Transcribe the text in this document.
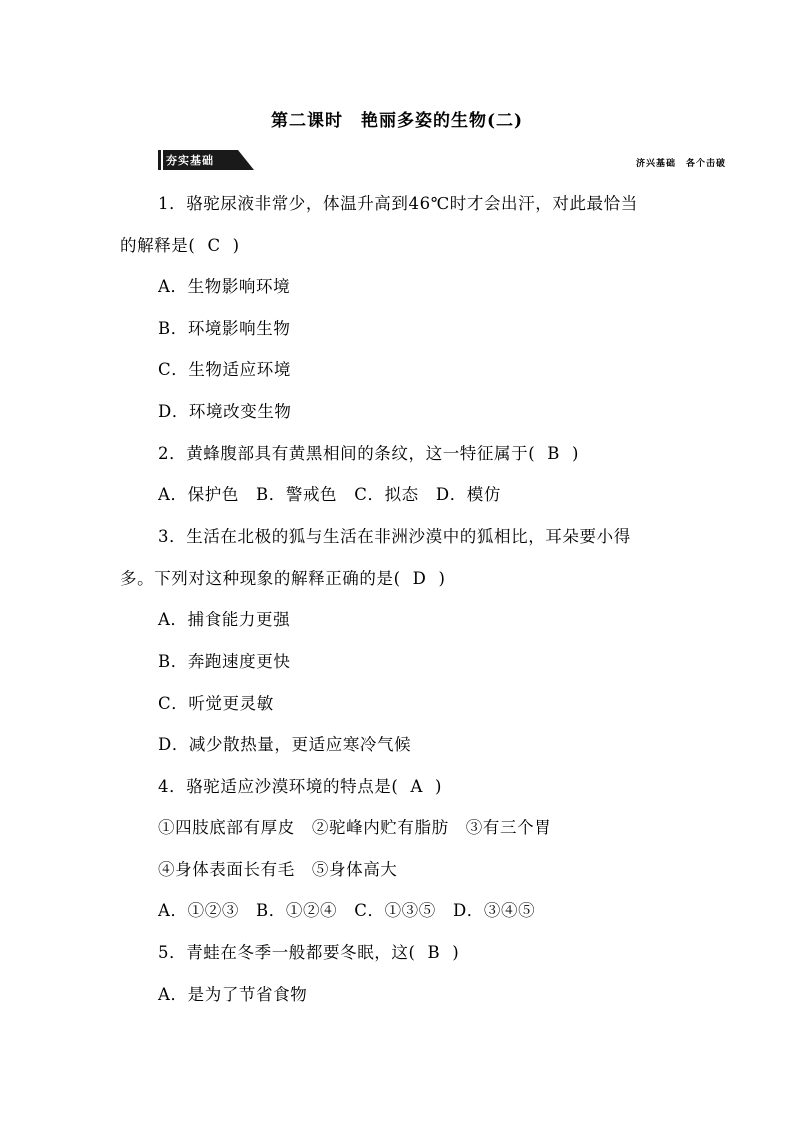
第二课时　艳丽多姿的生物(二)
夯实基础	济兴基础　各个击破
1．骆驼尿液非常少，体温升高到46℃时才会出汗，对此最恰当
的解释是( C )
A．生物影响环境
B．环境影响生物
C．生物适应环境
D．环境改变生物
2．黄蜂腹部具有黄黑相间的条纹，这一特征属于( B )
A．保护色　B．警戒色　C．拟态　D．模仿
3．生活在北极的狐与生活在非洲沙漠中的狐相比，耳朵要小得
多。下列对这种现象的解释正确的是( D )
A．捕食能力更强
B．奔跑速度更快
C．听觉更灵敏
D．减少散热量，更适应寒冷气候
4．骆驼适应沙漠环境的特点是( A )
①四肢底部有厚皮　②驼峰内贮有脂肪　③有三个胃
④身体表面长有毛　⑤身体高大
A．①②③　B．①②④　C．①③⑤　D．③④⑤
5．青蛙在冬季一般都要冬眠，这( B )
A．是为了节省食物
